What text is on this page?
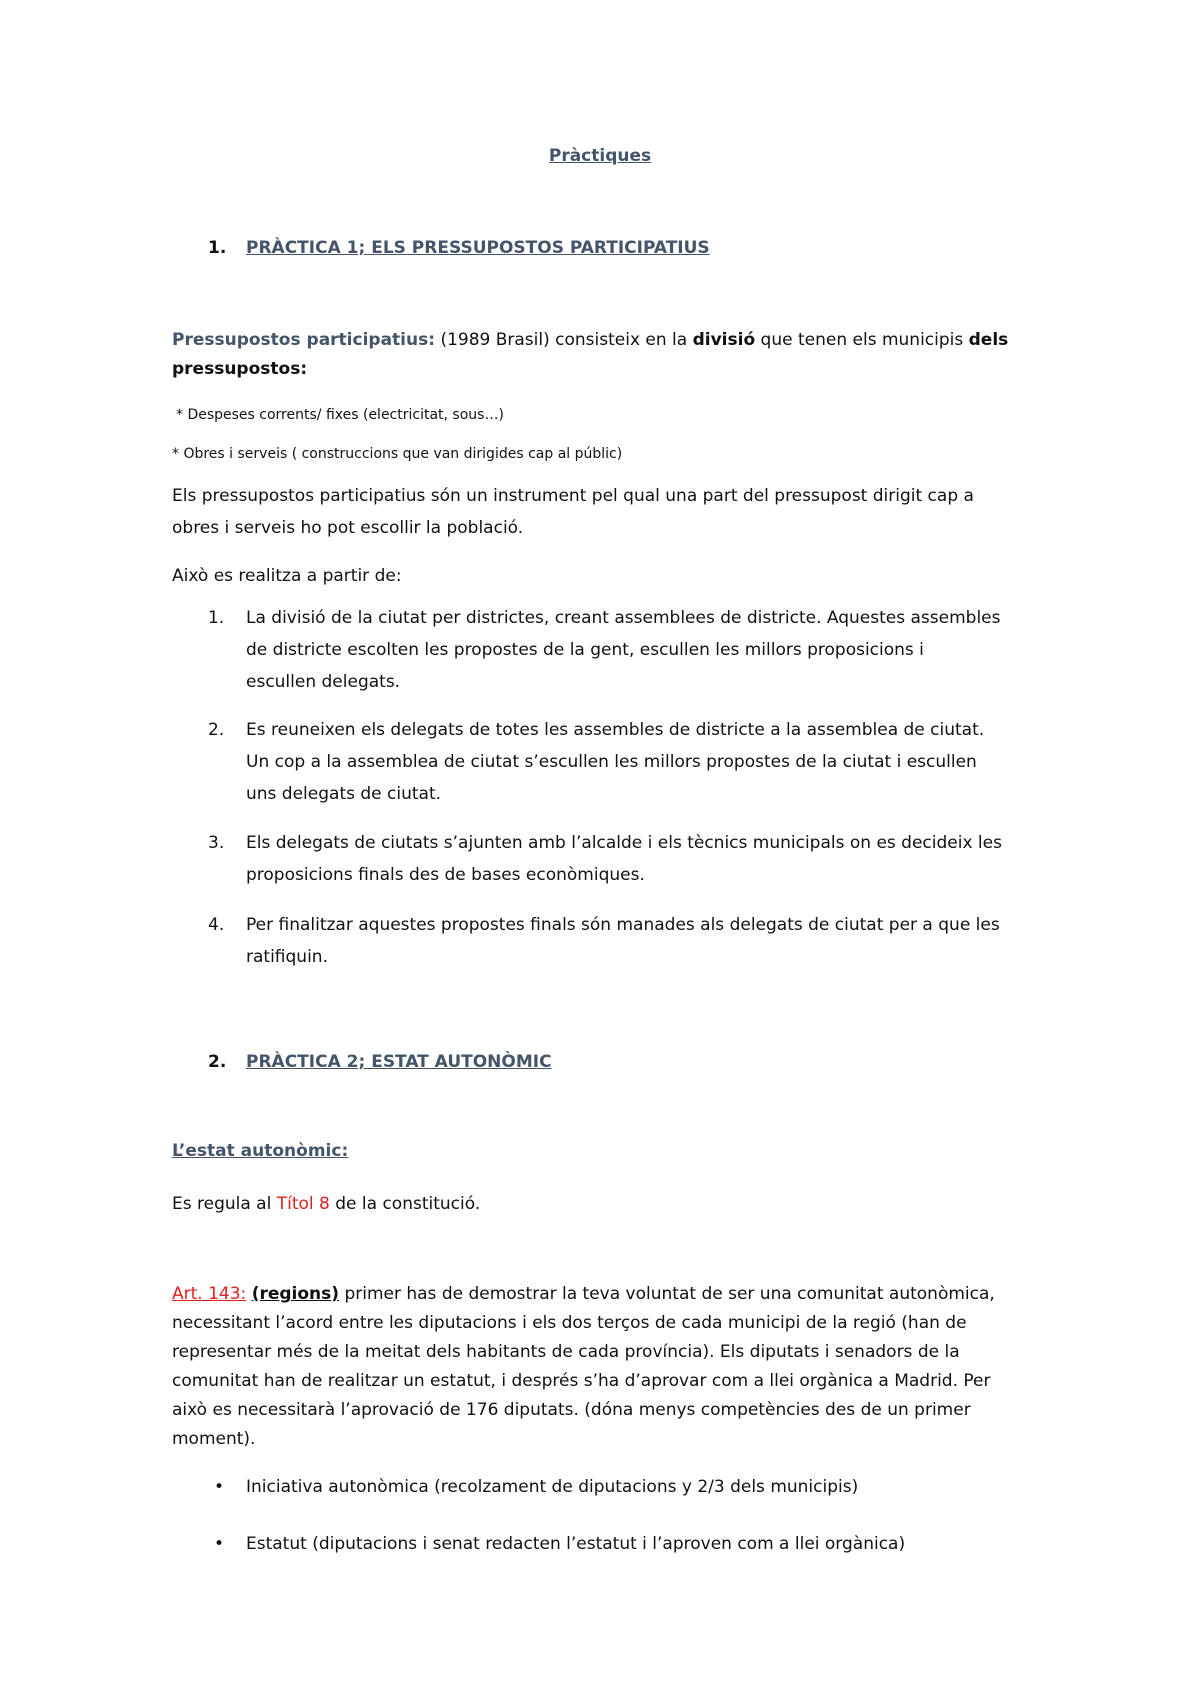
Pràctiques
1. PRÀCTICA 1; ELS PRESSUPOSTOS PARTICIPATIUS
Pressupostos participatius: (1989 Brasil) consisteix en la divisió que tenen els municipis dels
pressupostos:
* Despeses corrents/ fixes (electricitat, sous…)
* Obres i serveis ( construccions que van dirigides cap al públic)
Els pressupostos participatius són un instrument pel qual una part del pressupost dirigit cap a
obres i serveis ho pot escollir la població.
Això es realitza a partir de:
1. La divisió de la ciutat per districtes, creant assemblees de districte. Aquestes assembles
de districte escolten les propostes de la gent, escullen les millors proposicions i
escullen delegats.
2. Es reuneixen els delegats de totes les assembles de districte a la assemblea de ciutat.
Un cop a la assemblea de ciutat s’escullen les millors propostes de la ciutat i escullen
uns delegats de ciutat.
3. Els delegats de ciutats s’ajunten amb l’alcalde i els tècnics municipals on es decideix les
proposicions finals des de bases econòmiques.
4. Per finalitzar aquestes propostes finals són manades als delegats de ciutat per a que les
ratifiquin.
2. PRÀCTICA 2; ESTAT AUTONÒMIC
L’estat autonòmic:
Es regula al Títol 8 de la constitució.
Art. 143: (regions) primer has de demostrar la teva voluntat de ser una comunitat autonòmica,
necessitant l’acord entre les diputacions i els dos terços de cada municipi de la regió (han de
representar més de la meitat dels habitants de cada província). Els diputats i senadors de la
comunitat han de realitzar un estatut, i després s’ha d’aprovar com a llei orgànica a Madrid. Per
això es necessitarà l’aprovació de 176 diputats. (dóna menys competències des de un primer
moment).
• Iniciativa autonòmica (recolzament de diputacions y 2/3 dels municipis)
• Estatut (diputacions i senat redacten l’estatut i l’aproven com a llei orgànica)
